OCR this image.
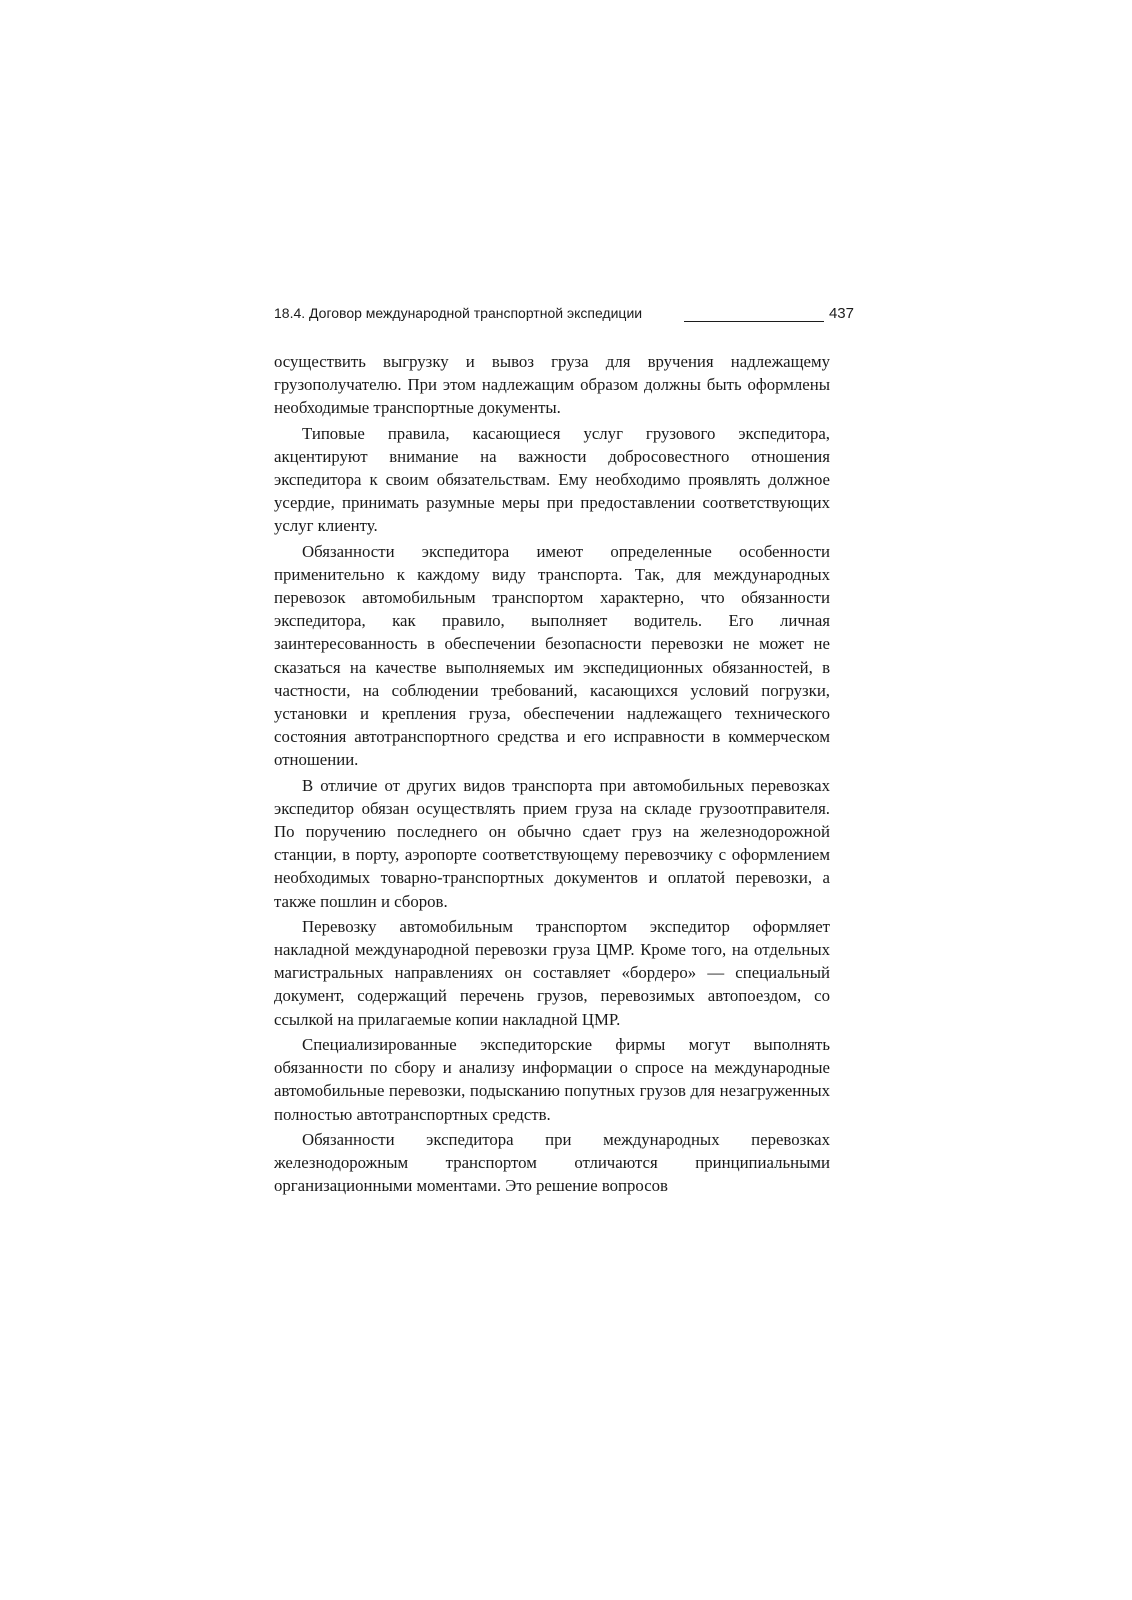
18.4. Договор международной транспортной экспедиции	437

осуществить выгрузку и вывоз груза для вручения надлежащему грузополучателю. При этом надлежащим образом должны быть оформлены необходимые транспортные документы.

Типовые правила, касающиеся услуг грузового экспедитора, акцентируют внимание на важности добросовестного отношения экспедитора к своим обязательствам. Ему необходимо проявлять должное усердие, принимать разумные меры при предоставлении соответствующих услуг клиенту.

Обязанности экспедитора имеют определенные особенности применительно к каждому виду транспорта. Так, для международных перевозок автомобильным транспортом характерно, что обязанности экспедитора, как правило, выполняет водитель. Его личная заинтересованность в обеспечении безопасности перевозки не может не сказаться на качестве выполняемых им экспедиционных обязанностей, в частности, на соблюдении требований, касающихся условий погрузки, установки и крепления груза, обеспечении надлежащего технического состояния автотранспортного средства и его исправности в коммерческом отношении.

В отличие от других видов транспорта при автомобильных перевозках экспедитор обязан осуществлять прием груза на складе грузоотправителя. По поручению последнего он обычно сдает груз на железнодорожной станции, в порту, аэропорте соответствующему перевозчику с оформлением необходимых товарно-транспортных документов и оплатой перевозки, а также пошлин и сборов.

Перевозку автомобильным транспортом экспедитор оформляет накладной международной перевозки груза ЦМР. Кроме того, на отдельных магистральных направлениях он составляет «бордеро» — специальный документ, содержащий перечень грузов, перевозимых автопоездом, со ссылкой на прилагаемые копии накладной ЦМР.

Специализированные экспедиторские фирмы могут выполнять обязанности по сбору и анализу информации о спросе на международные автомобильные перевозки, подысканию попутных грузов для незагруженных полностью автотранспортных средств.

Обязанности экспедитора при международных перевозках железнодорожным транспортом отличаются принципиальными организационными моментами. Это решение вопросов
